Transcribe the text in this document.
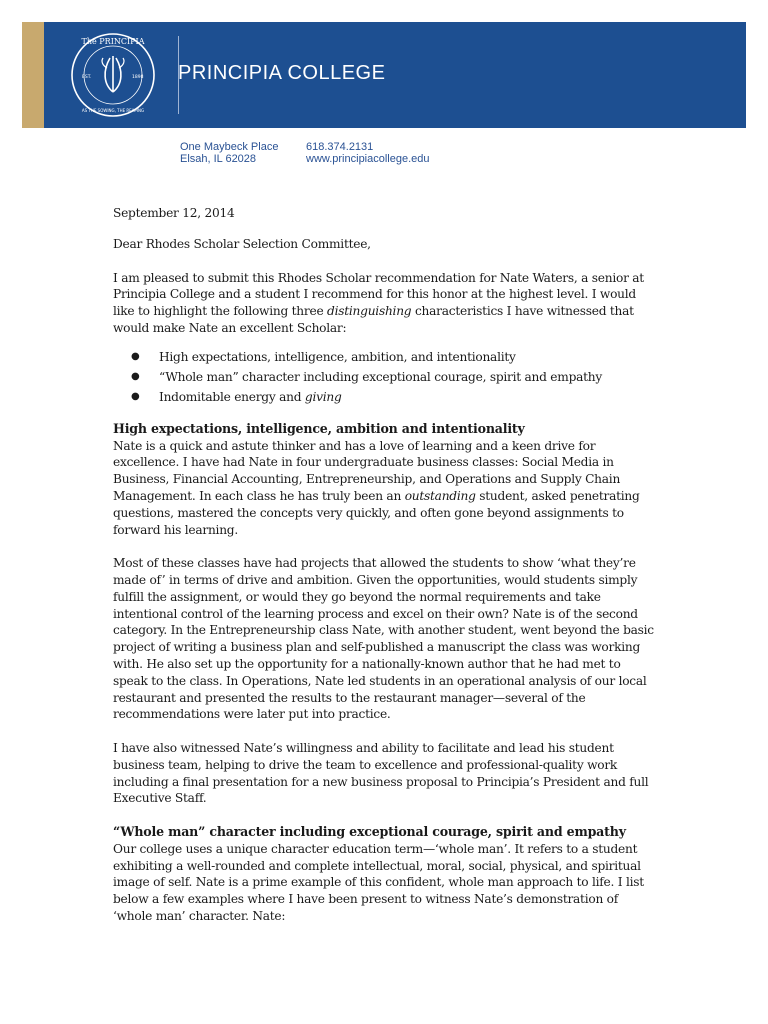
The PRINCIPIA
EST.	1898
AS THE SOWING, THE REAPING
PRINCIPIA COLLEGE
One Maybeck Place
Elsah, IL 62028
618.374.2131
www.principiacollege.edu

September 12, 2014

Dear Rhodes Scholar Selection Committee,

I am pleased to submit this Rhodes Scholar recommendation for Nate Waters, a senior at Principia College and a student I recommend for this honor at the highest level. I would like to highlight the following three distinguishing characteristics I have witnessed that would make Nate an excellent Scholar:

● High expectations, intelligence, ambition, and intentionality
● “Whole man” character including exceptional courage, spirit and empathy
● Indomitable energy and giving

High expectations, intelligence, ambition and intentionality

Nate is a quick and astute thinker and has a love of learning and a keen drive for excellence. I have had Nate in four undergraduate business classes: Social Media in Business, Financial Accounting, Entrepreneurship, and Operations and Supply Chain Management. In each class he has truly been an outstanding student, asked penetrating questions, mastered the concepts very quickly, and often gone beyond assignments to forward his learning.

Most of these classes have had projects that allowed the students to show ‘what they’re made of’ in terms of drive and ambition. Given the opportunities, would students simply fulfill the assignment, or would they go beyond the normal requirements and take intentional control of the learning process and excel on their own? Nate is of the second category. In the Entrepreneurship class Nate, with another student, went beyond the basic project of writing a business plan and self-published a manuscript the class was working with. He also set up the opportunity for a nationally-known author that he had met to speak to the class. In Operations, Nate led students in an operational analysis of our local restaurant and presented the results to the restaurant manager—several of the recommendations were later put into practice.

I have also witnessed Nate’s willingness and ability to facilitate and lead his student business team, helping to drive the team to excellence and professional-quality work including a final presentation for a new business proposal to Principia’s President and full Executive Staff.

“Whole man” character including exceptional courage, spirit and empathy

Our college uses a unique character education term—‘whole man’. It refers to a student exhibiting a well-rounded and complete intellectual, moral, social, physical, and spiritual image of self. Nate is a prime example of this confident, whole man approach to life. I list below a few examples where I have been present to witness Nate’s demonstration of ‘whole man’ character. Nate:
